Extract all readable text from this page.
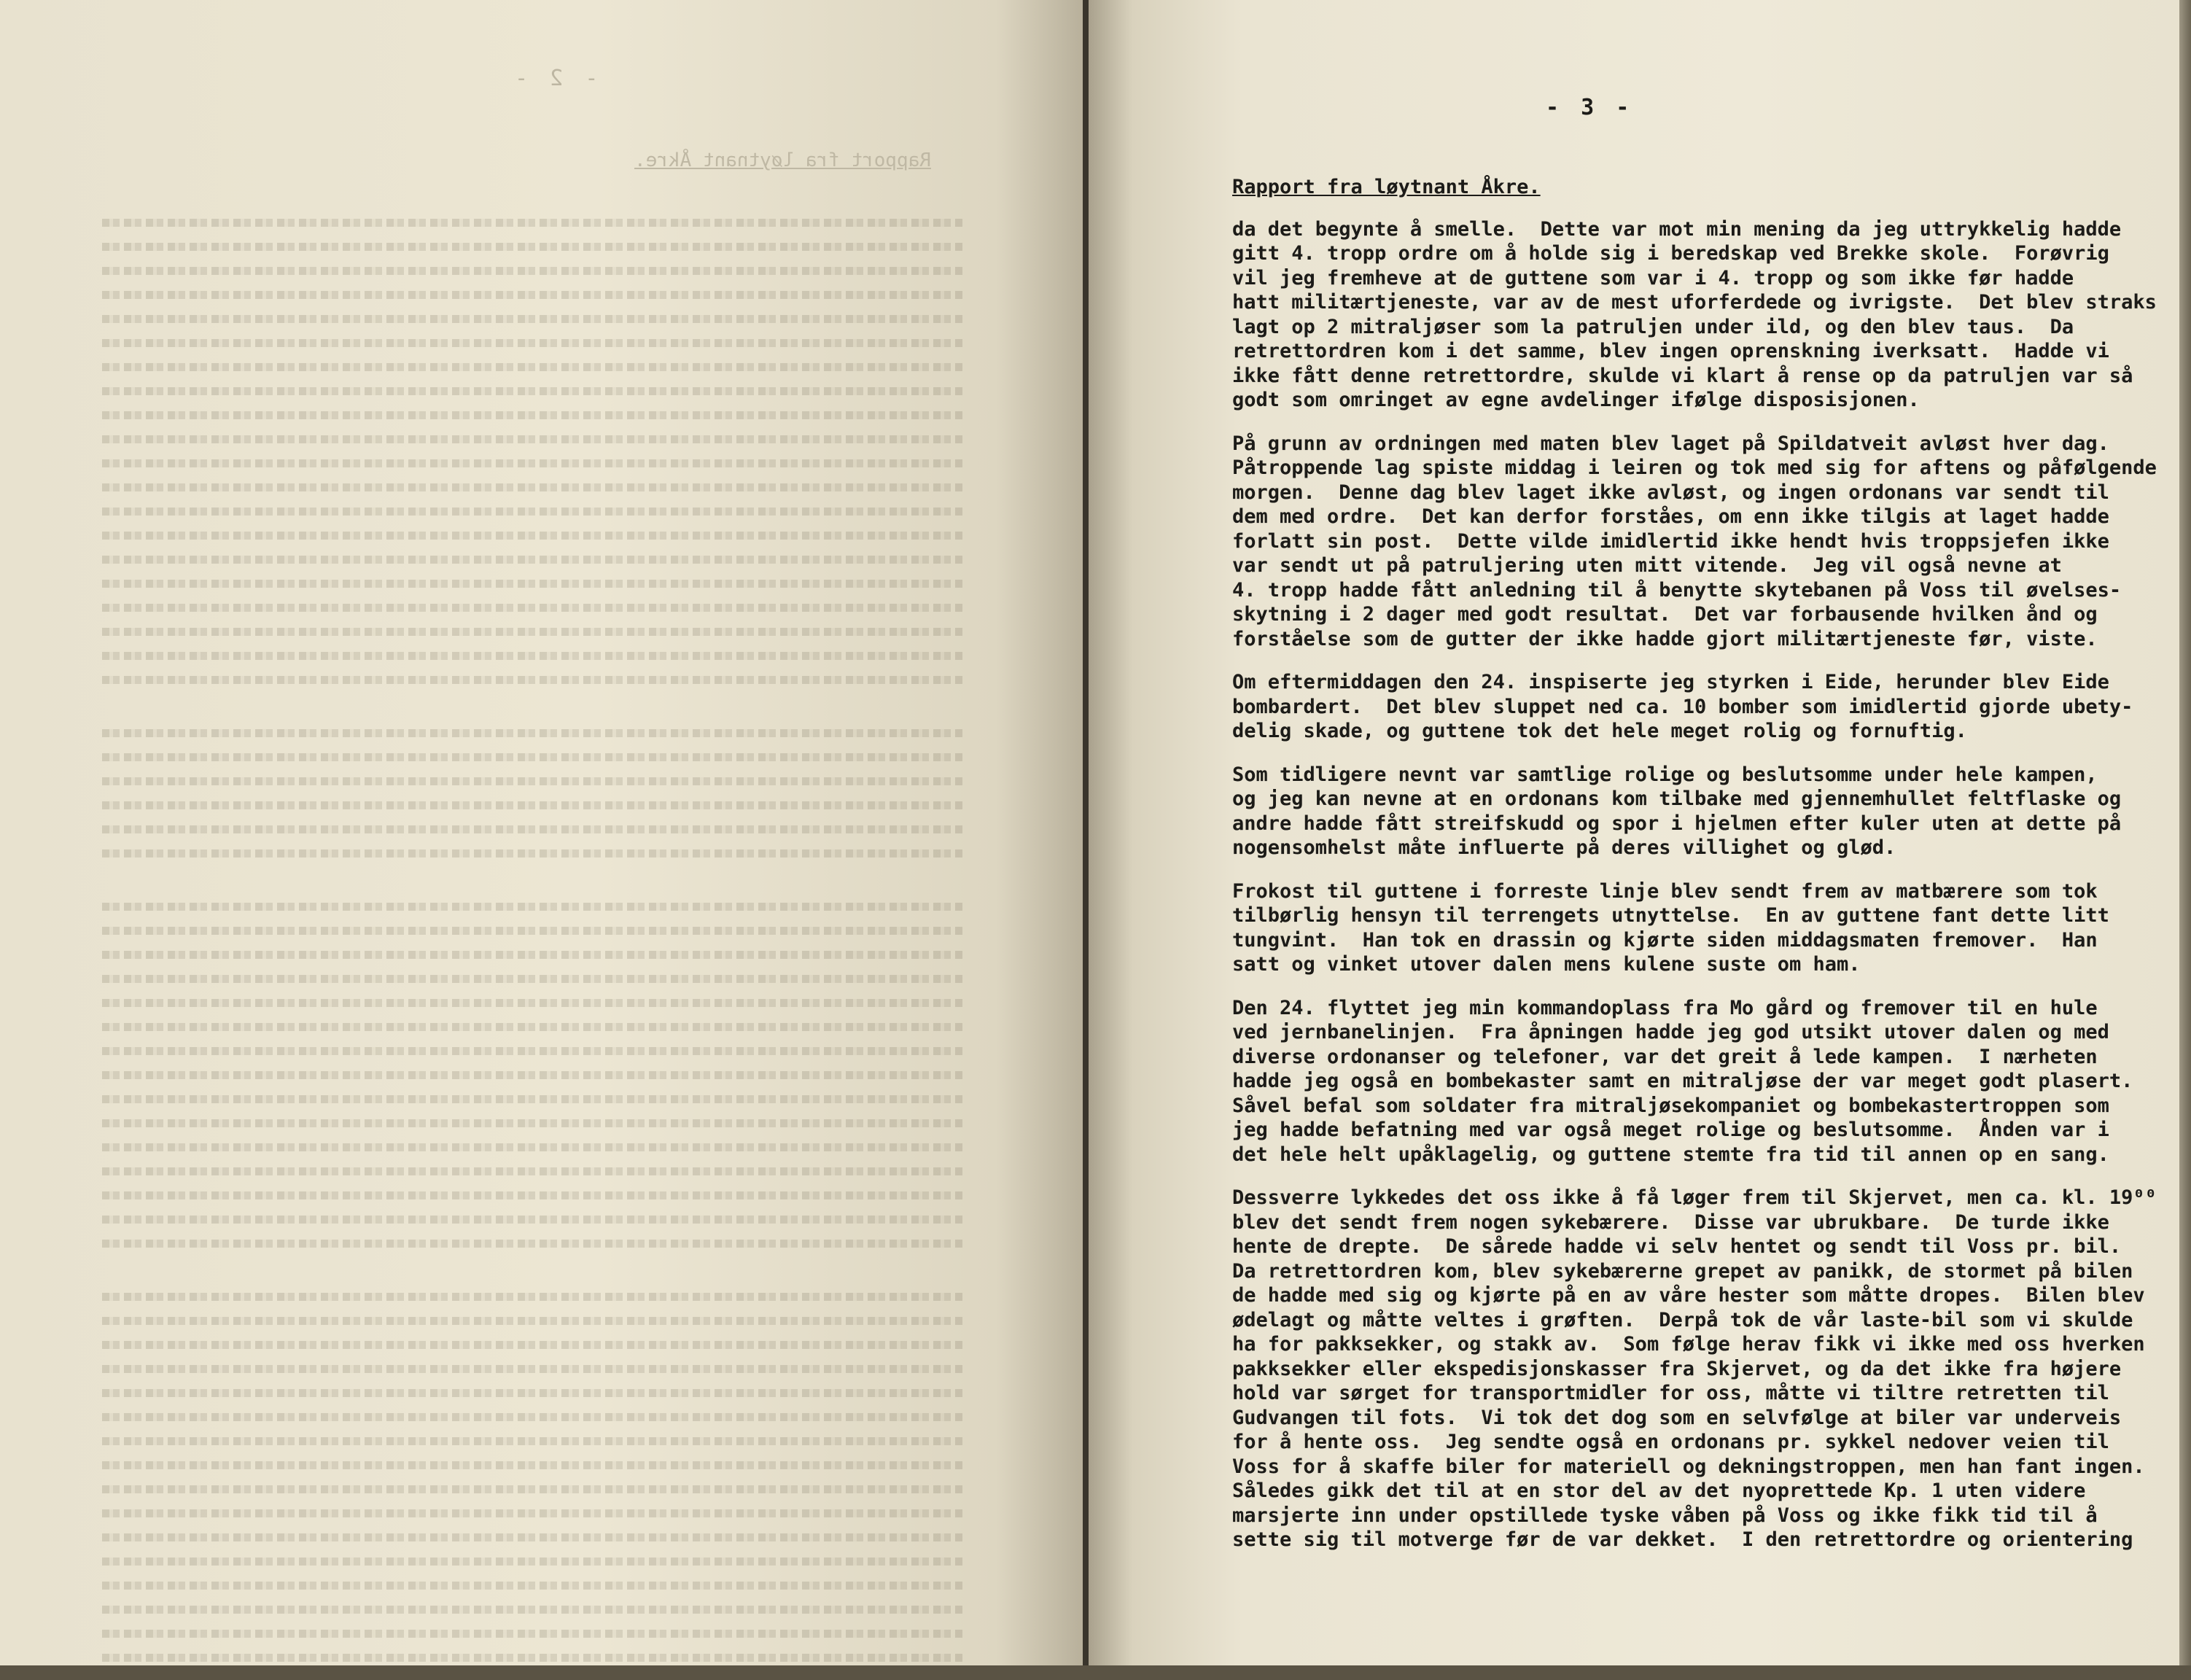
- 2 -
Rapport fra løytnant Åkre.
- 3 -
Rapport fra løytnant Åkre.
da det begynte å smelle.  Dette var mot min mening da jeg uttrykkelig hadde
gitt 4. tropp ordre om å holde sig i beredskap ved Brekke skole.  Forøvrig
vil jeg fremheve at de guttene som var i 4. tropp og som ikke før hadde
hatt militærtjeneste, var av de mest uforferdede og ivrigste.  Det blev straks
lagt op 2 mitraljøser som la patruljen under ild, og den blev taus.  Da
retrettordren kom i det samme, blev ingen oprenskning iverksatt.  Hadde vi
ikke fått denne retrettordre, skulde vi klart å rense op da patruljen var så
godt som omringet av egne avdelinger ifølge disposisjonen.
På grunn av ordningen med maten blev laget på Spildatveit avløst hver dag.
Påtroppende lag spiste middag i leiren og tok med sig for aftens og påfølgende
morgen.  Denne dag blev laget ikke avløst, og ingen ordonans var sendt til
dem med ordre.  Det kan derfor forståes, om enn ikke tilgis at laget hadde
forlatt sin post.  Dette vilde imidlertid ikke hendt hvis troppsjefen ikke
var sendt ut på patruljering uten mitt vitende.  Jeg vil også nevne at
4. tropp hadde fått anledning til å benytte skytebanen på Voss til øvelses-
skytning i 2 dager med godt resultat.  Det var forbausende hvilken ånd og
forståelse som de gutter der ikke hadde gjort militærtjeneste før, viste.
Om eftermiddagen den 24. inspiserte jeg styrken i Eide, herunder blev Eide
bombardert.  Det blev sluppet ned ca. 10 bomber som imidlertid gjorde ubety-
delig skade, og guttene tok det hele meget rolig og fornuftig.
Som tidligere nevnt var samtlige rolige og beslutsomme under hele kampen,
og jeg kan nevne at en ordonans kom tilbake med gjennemhullet feltflaske og
andre hadde fått streifskudd og spor i hjelmen efter kuler uten at dette på
nogensomhelst måte influerte på deres villighet og glød.
Frokost til guttene i forreste linje blev sendt frem av matbærere som tok
tilbørlig hensyn til terrengets utnyttelse.  En av guttene fant dette litt
tungvint.  Han tok en drassin og kjørte siden middagsmaten fremover.  Han
satt og vinket utover dalen mens kulene suste om ham.
Den 24. flyttet jeg min kommandoplass fra Mo gård og fremover til en hule
ved jernbanelinjen.  Fra åpningen hadde jeg god utsikt utover dalen og med
diverse ordonanser og telefoner, var det greit å lede kampen.  I nærheten
hadde jeg også en bombekaster samt en mitraljøse der var meget godt plasert.
Såvel befal som soldater fra mitraljøsekompaniet og bombekastertroppen som
jeg hadde befatning med var også meget rolige og beslutsomme.  Ånden var i
det hele helt upåklagelig, og guttene stemte fra tid til annen op en sang.
Dessverre lykkedes det oss ikke å få løger frem til Skjervet, men ca. kl. 19⁰⁰
blev det sendt frem nogen sykebærere.  Disse var ubrukbare.  De turde ikke
hente de drepte.  De sårede hadde vi selv hentet og sendt til Voss pr. bil.
Da retrettordren kom, blev sykebærerne grepet av panikk, de stormet på bilen
de hadde med sig og kjørte på en av våre hester som måtte dropes.  Bilen blev
ødelagt og måtte veltes i grøften.  Derpå tok de vår laste-bil som vi skulde
ha for pakksekker, og stakk av.  Som følge herav fikk vi ikke med oss hverken
pakksekker eller ekspedisjonskasser fra Skjervet, og da det ikke fra højere
hold var sørget for transportmidler for oss, måtte vi tiltre retretten til
Gudvangen til fots.  Vi tok det dog som en selvfølge at biler var underveis
for å hente oss.  Jeg sendte også en ordonans pr. sykkel nedover veien til
Voss for å skaffe biler for materiell og dekningstroppen, men han fant ingen.
Således gikk det til at en stor del av det nyoprettede Kp. 1 uten videre
marsjerte inn under opstillede tyske våben på Voss og ikke fikk tid til å
sette sig til motverge før de var dekket.  I den retrettordre og orientering
